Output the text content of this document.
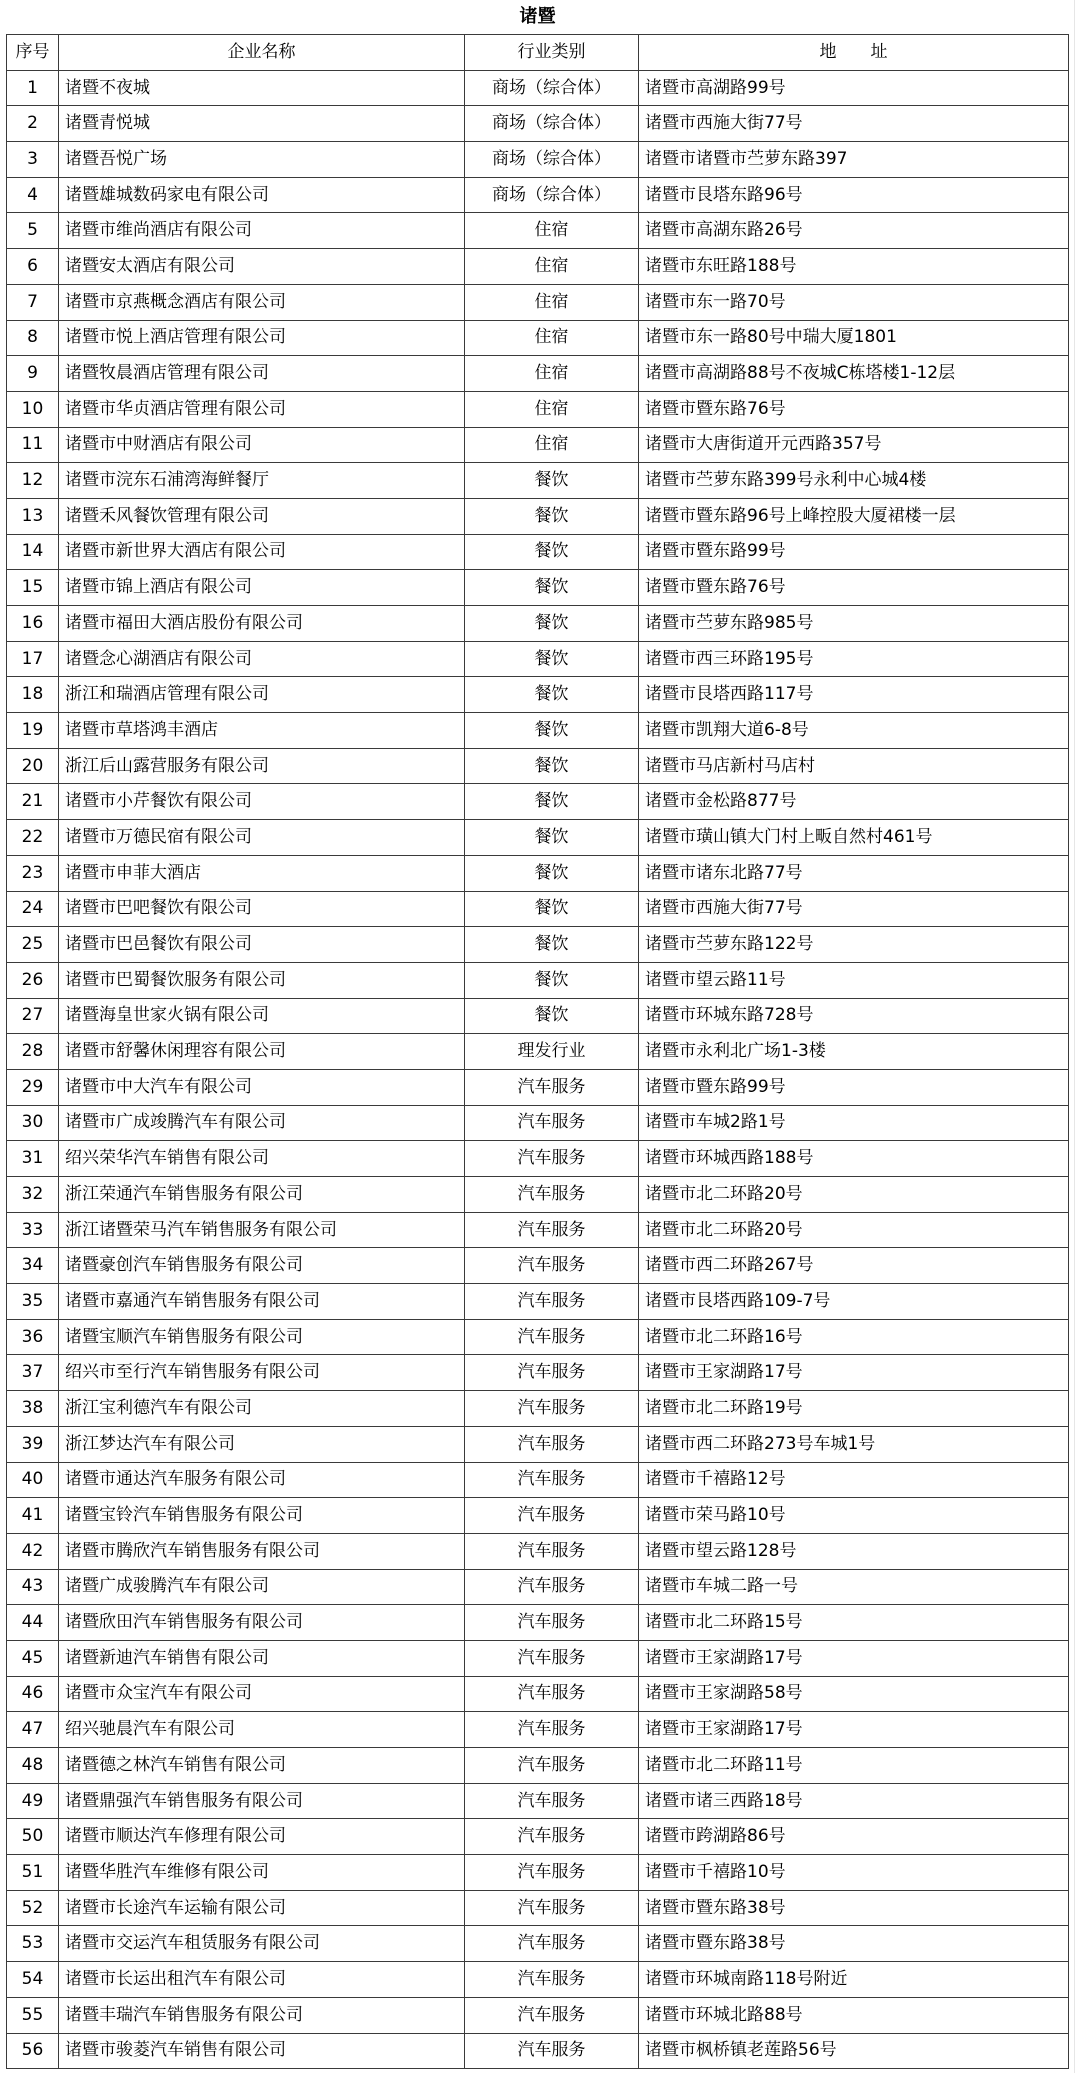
诸暨			
序号	企业名称	行业类别	地　　址
1	诸暨不夜城	商场（综合体）	诸暨市高湖路99号
2	诸暨青悦城	商场（综合体）	诸暨市西施大街77号
3	诸暨吾悦广场	商场（综合体）	诸暨市诸暨市苎萝东路397
4	诸暨雄城数码家电有限公司	商场（综合体）	诸暨市艮塔东路96号
5	诸暨市维尚酒店有限公司	住宿	诸暨市高湖东路26号
6	诸暨安太酒店有限公司	住宿	诸暨市东旺路188号
7	诸暨市京燕概念酒店有限公司	住宿	诸暨市东一路70号
8	诸暨市悦上酒店管理有限公司	住宿	诸暨市东一路80号中瑞大厦1801
9	诸暨牧晨酒店管理有限公司	住宿	诸暨市高湖路88号不夜城C栋塔楼1-12层
10	诸暨市华贞酒店管理有限公司	住宿	诸暨市暨东路76号
11	诸暨市中财酒店有限公司	住宿	诸暨市大唐街道开元西路357号
12	诸暨市浣东石浦湾海鲜餐厅	餐饮	诸暨市苎萝东路399号永利中心城4楼
13	诸暨禾风餐饮管理有限公司	餐饮	诸暨市暨东路96号上峰控股大厦裙楼一层
14	诸暨市新世界大酒店有限公司	餐饮	诸暨市暨东路99号
15	诸暨市锦上酒店有限公司	餐饮	诸暨市暨东路76号
16	诸暨市福田大酒店股份有限公司	餐饮	诸暨市苎萝东路985号
17	诸暨念心湖酒店有限公司	餐饮	诸暨市西三环路195号
18	浙江和瑞酒店管理有限公司	餐饮	诸暨市艮塔西路117号
19	诸暨市草塔鸿丰酒店	餐饮	诸暨市凯翔大道6-8号
20	浙江后山露营服务有限公司	餐饮	诸暨市马店新村马店村
21	诸暨市小芹餐饮有限公司	餐饮	诸暨市金松路877号
22	诸暨市万德民宿有限公司	餐饮	诸暨市璜山镇大门村上畈自然村461号
23	诸暨市申菲大酒店	餐饮	诸暨市诸东北路77号
24	诸暨市巴吧餐饮有限公司	餐饮	诸暨市西施大街77号
25	诸暨市巴邑餐饮有限公司	餐饮	诸暨市苎萝东路122号
26	诸暨市巴蜀餐饮服务有限公司	餐饮	诸暨市望云路11号
27	诸暨海皇世家火锅有限公司	餐饮	诸暨市环城东路728号
28	诸暨市舒馨休闲理容有限公司	理发行业	诸暨市永利北广场1-3楼
29	诸暨市中大汽车有限公司	汽车服务	诸暨市暨东路99号
30	诸暨市广成竣腾汽车有限公司	汽车服务	诸暨市车城2路1号
31	绍兴荣华汽车销售有限公司	汽车服务	诸暨市环城西路188号
32	浙江荣通汽车销售服务有限公司	汽车服务	诸暨市北二环路20号
33	浙江诸暨荣马汽车销售服务有限公司	汽车服务	诸暨市北二环路20号
34	诸暨豪创汽车销售服务有限公司	汽车服务	诸暨市西二环路267号
35	诸暨市嘉通汽车销售服务有限公司	汽车服务	诸暨市艮塔西路109-7号
36	诸暨宝顺汽车销售服务有限公司	汽车服务	诸暨市北二环路16号
37	绍兴市至行汽车销售服务有限公司	汽车服务	诸暨市王家湖路17号
38	浙江宝利德汽车有限公司	汽车服务	诸暨市北二环路19号
39	浙江梦达汽车有限公司	汽车服务	诸暨市西二环路273号车城1号
40	诸暨市通达汽车服务有限公司	汽车服务	诸暨市千禧路12号
41	诸暨宝铃汽车销售服务有限公司	汽车服务	诸暨市荣马路10号
42	诸暨市腾欣汽车销售服务有限公司	汽车服务	诸暨市望云路128号
43	诸暨广成骏腾汽车有限公司	汽车服务	诸暨市车城二路一号
44	诸暨欣田汽车销售服务有限公司	汽车服务	诸暨市北二环路15号
45	诸暨新迪汽车销售有限公司	汽车服务	诸暨市王家湖路17号
46	诸暨市众宝汽车有限公司	汽车服务	诸暨市王家湖路58号
47	绍兴驰晨汽车有限公司	汽车服务	诸暨市王家湖路17号
48	诸暨德之林汽车销售有限公司	汽车服务	诸暨市北二环路11号
49	诸暨鼎强汽车销售服务有限公司	汽车服务	诸暨市诸三西路18号
50	诸暨市顺达汽车修理有限公司	汽车服务	诸暨市跨湖路86号
51	诸暨华胜汽车维修有限公司	汽车服务	诸暨市千禧路10号
52	诸暨市长途汽车运输有限公司	汽车服务	诸暨市暨东路38号
53	诸暨市交运汽车租赁服务有限公司	汽车服务	诸暨市暨东路38号
54	诸暨市长运出租汽车有限公司	汽车服务	诸暨市环城南路118号附近
55	诸暨丰瑞汽车销售服务有限公司	汽车服务	诸暨市环城北路88号
56	诸暨市骏菱汽车销售有限公司	汽车服务	诸暨市枫桥镇老莲路56号
